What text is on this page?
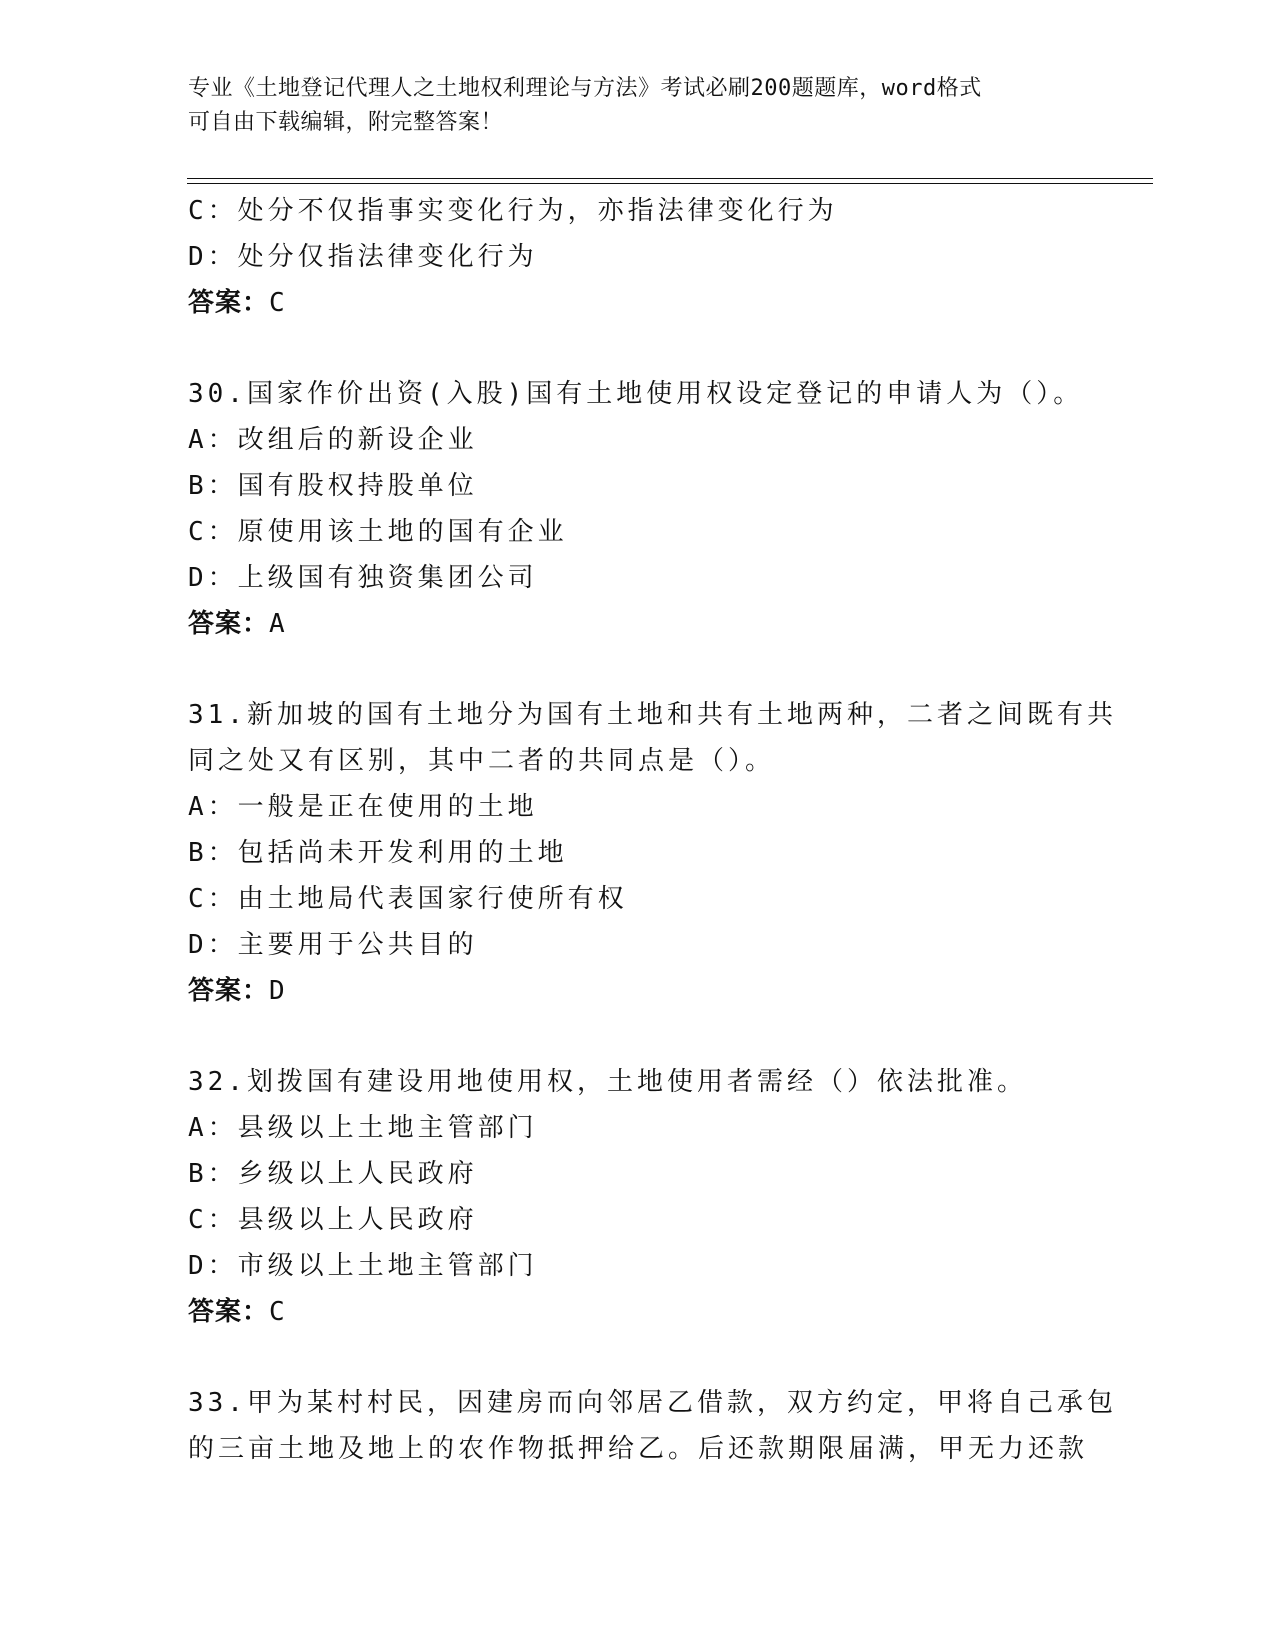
专业《土地登记代理人之土地权利理论与方法》考试必刷200题题库，word格式
可自由下载编辑，附完整答案！
C：处分不仅指事实变化行为，亦指法律变化行为
D：处分仅指法律变化行为
答案：C
30.国家作价出资(入股)国有土地使用权设定登记的申请人为（）。
A：改组后的新设企业
B：国有股权持股单位
C：原使用该土地的国有企业
D：上级国有独资集团公司
答案：A
31.新加坡的国有土地分为国有土地和共有土地两种，二者之间既有共
同之处又有区别，其中二者的共同点是（）。
A：一般是正在使用的土地
B：包括尚未开发利用的土地
C：由土地局代表国家行使所有权
D：主要用于公共目的
答案：D
32.划拨国有建设用地使用权，土地使用者需经（）依法批准。
A：县级以上土地主管部门
B：乡级以上人民政府
C：县级以上人民政府
D：市级以上土地主管部门
答案：C
33.甲为某村村民，因建房而向邻居乙借款，双方约定，甲将自己承包
的三亩土地及地上的农作物抵押给乙。后还款期限届满，甲无力还款
